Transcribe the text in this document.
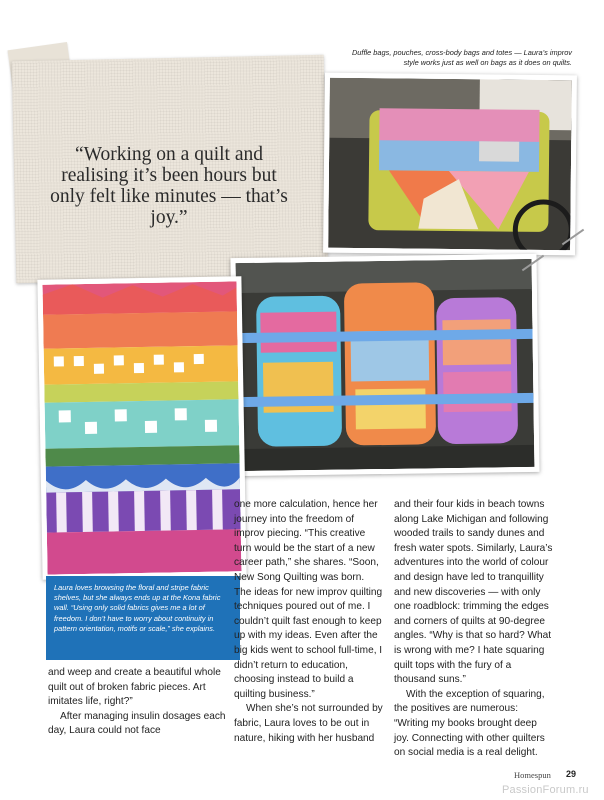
“Working on a quilt and realising it’s been hours but only felt like minutes — that’s joy.”
Duffle bags, pouches, cross-body bags and totes — Laura’s improv style works just as well on bags as it does on quilts.
Laura loves browsing the floral and stripe fabric shelves, but she always ends up at the Kona fabric wall. “Using only solid fabrics gives me a lot of freedom. I don’t have to worry about continuity in pattern orientation, motifs or scale,” she explains.

and weep and create a beautiful whole quilt out of broken fabric pieces. Art imitates life, right?”

After managing insulin dosages each day, Laura could not face

one more calculation, hence her journey into the freedom of improv piecing. “This creative turn would be the start of a new career path,” she shares. “Soon, New Song Quilting was born. The ideas for new improv quilting techniques poured out of me. I couldn’t quilt fast enough to keep up with my ideas. Even after the big kids went to school full-time, I didn’t return to education, choosing instead to build a quilting business.”

When she’s not surrounded by fabric, Laura loves to be out in nature, hiking with her husband

and their four kids in beach towns along Lake Michigan and following wooded trails to sandy dunes and fresh water spots. Similarly, Laura’s adventures into the world of colour and design have led to tranquillity and new discoveries — with only one roadblock: trimming the edges and corners of quilts at 90-degree angles. “Why is that so hard? What is wrong with me? I hate squaring quilt tops with the fury of a thousand suns.”

With the exception of squaring, the positives are numerous: “Writing my books brought deep joy. Connecting with other quilters on social media is a real delight.

Homespun 29
PassionForum.ru
